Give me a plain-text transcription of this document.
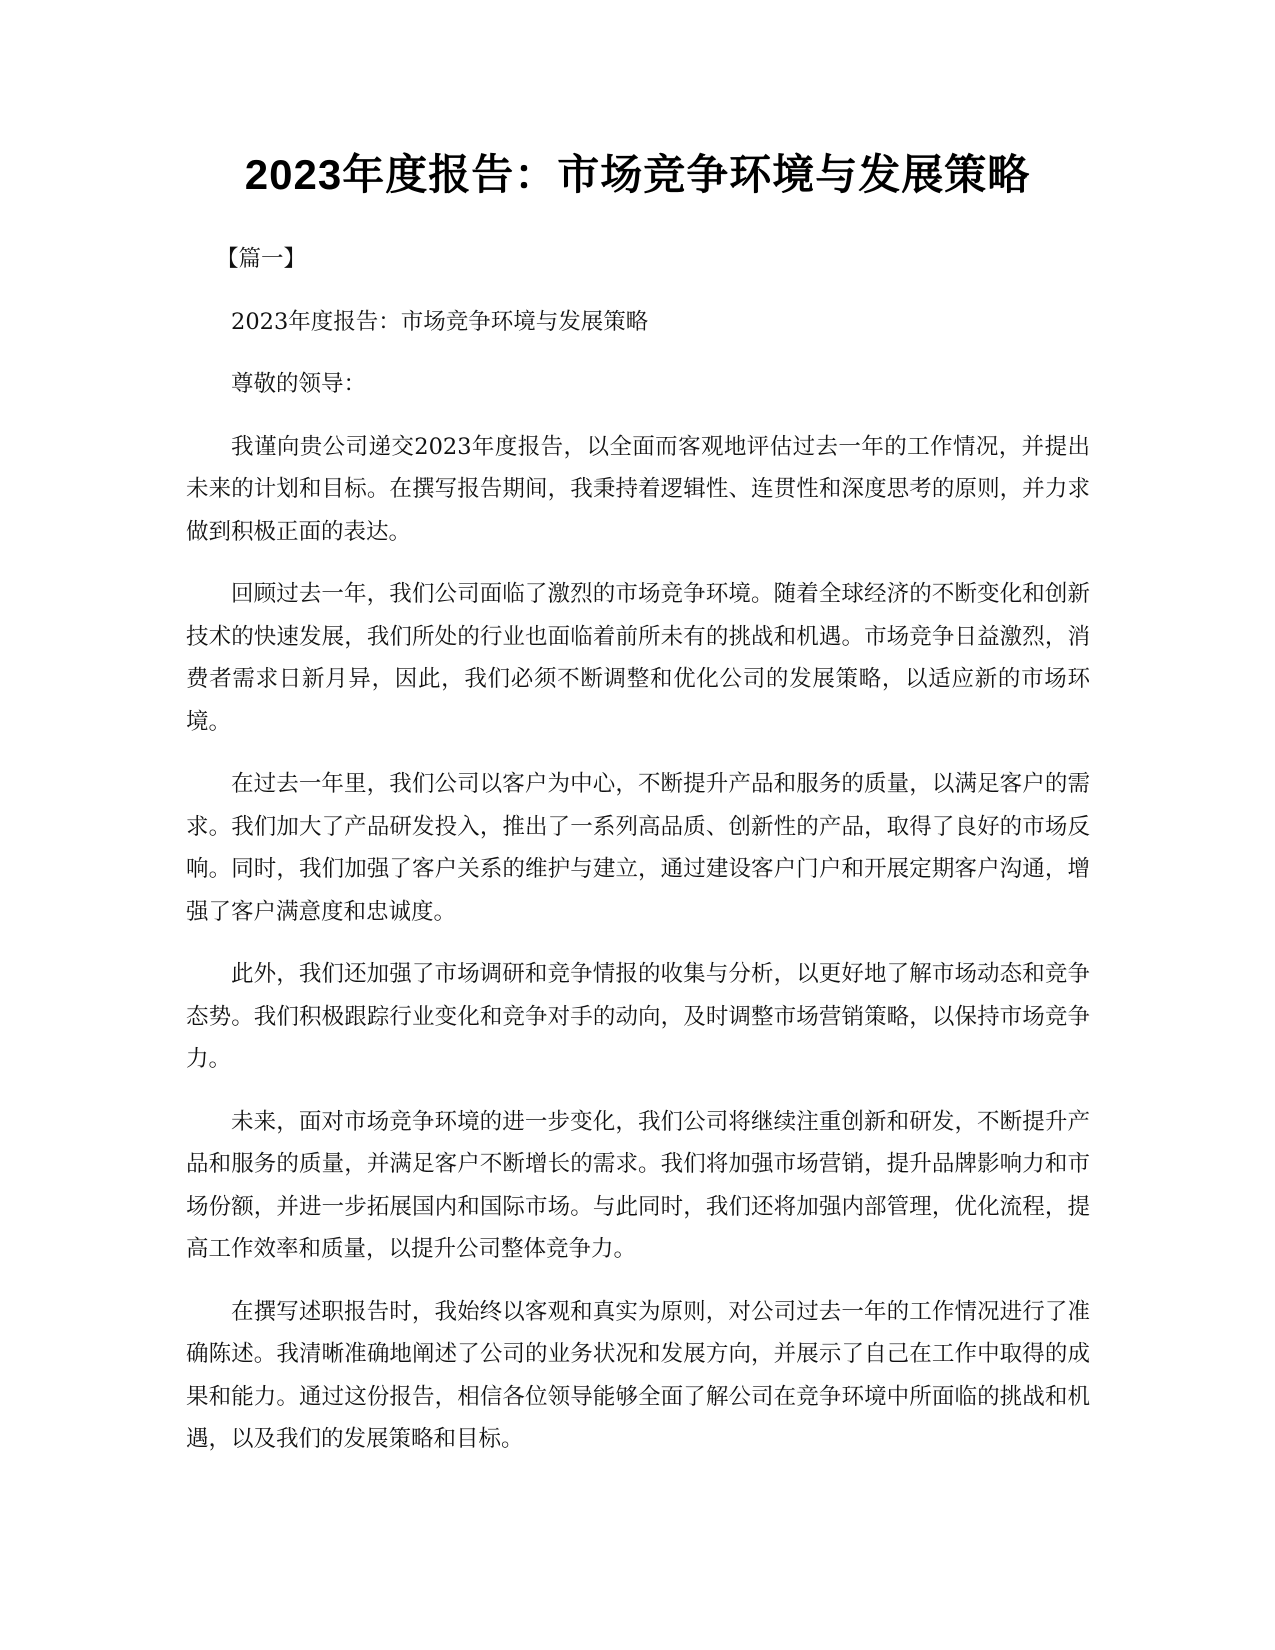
2023年度报告：市场竞争环境与发展策略

【篇一】

2023年度报告：市场竞争环境与发展策略

尊敬的领导：

我谨向贵公司递交2023年度报告，以全面而客观地评估过去一年的工作情况，并提出未来的计划和目标。在撰写报告期间，我秉持着逻辑性、连贯性和深度思考的原则，并力求做到积极正面的表达。

回顾过去一年，我们公司面临了激烈的市场竞争环境。随着全球经济的不断变化和创新技术的快速发展，我们所处的行业也面临着前所未有的挑战和机遇。市场竞争日益激烈，消费者需求日新月异，因此，我们必须不断调整和优化公司的发展策略，以适应新的市场环境。

在过去一年里，我们公司以客户为中心，不断提升产品和服务的质量，以满足客户的需求。我们加大了产品研发投入，推出了一系列高品质、创新性的产品，取得了良好的市场反响。同时，我们加强了客户关系的维护与建立，通过建设客户门户和开展定期客户沟通，增强了客户满意度和忠诚度。

此外，我们还加强了市场调研和竞争情报的收集与分析，以更好地了解市场动态和竞争态势。我们积极跟踪行业变化和竞争对手的动向，及时调整市场营销策略，以保持市场竞争力。

未来，面对市场竞争环境的进一步变化，我们公司将继续注重创新和研发，不断提升产品和服务的质量，并满足客户不断增长的需求。我们将加强市场营销，提升品牌影响力和市场份额，并进一步拓展国内和国际市场。与此同时，我们还将加强内部管理，优化流程，提高工作效率和质量，以提升公司整体竞争力。

在撰写述职报告时，我始终以客观和真实为原则，对公司过去一年的工作情况进行了准确陈述。我清晰准确地阐述了公司的业务状况和发展方向，并展示了自己在工作中取得的成果和能力。通过这份报告，相信各位领导能够全面了解公司在竞争环境中所面临的挑战和机遇，以及我们的发展策略和目标。
